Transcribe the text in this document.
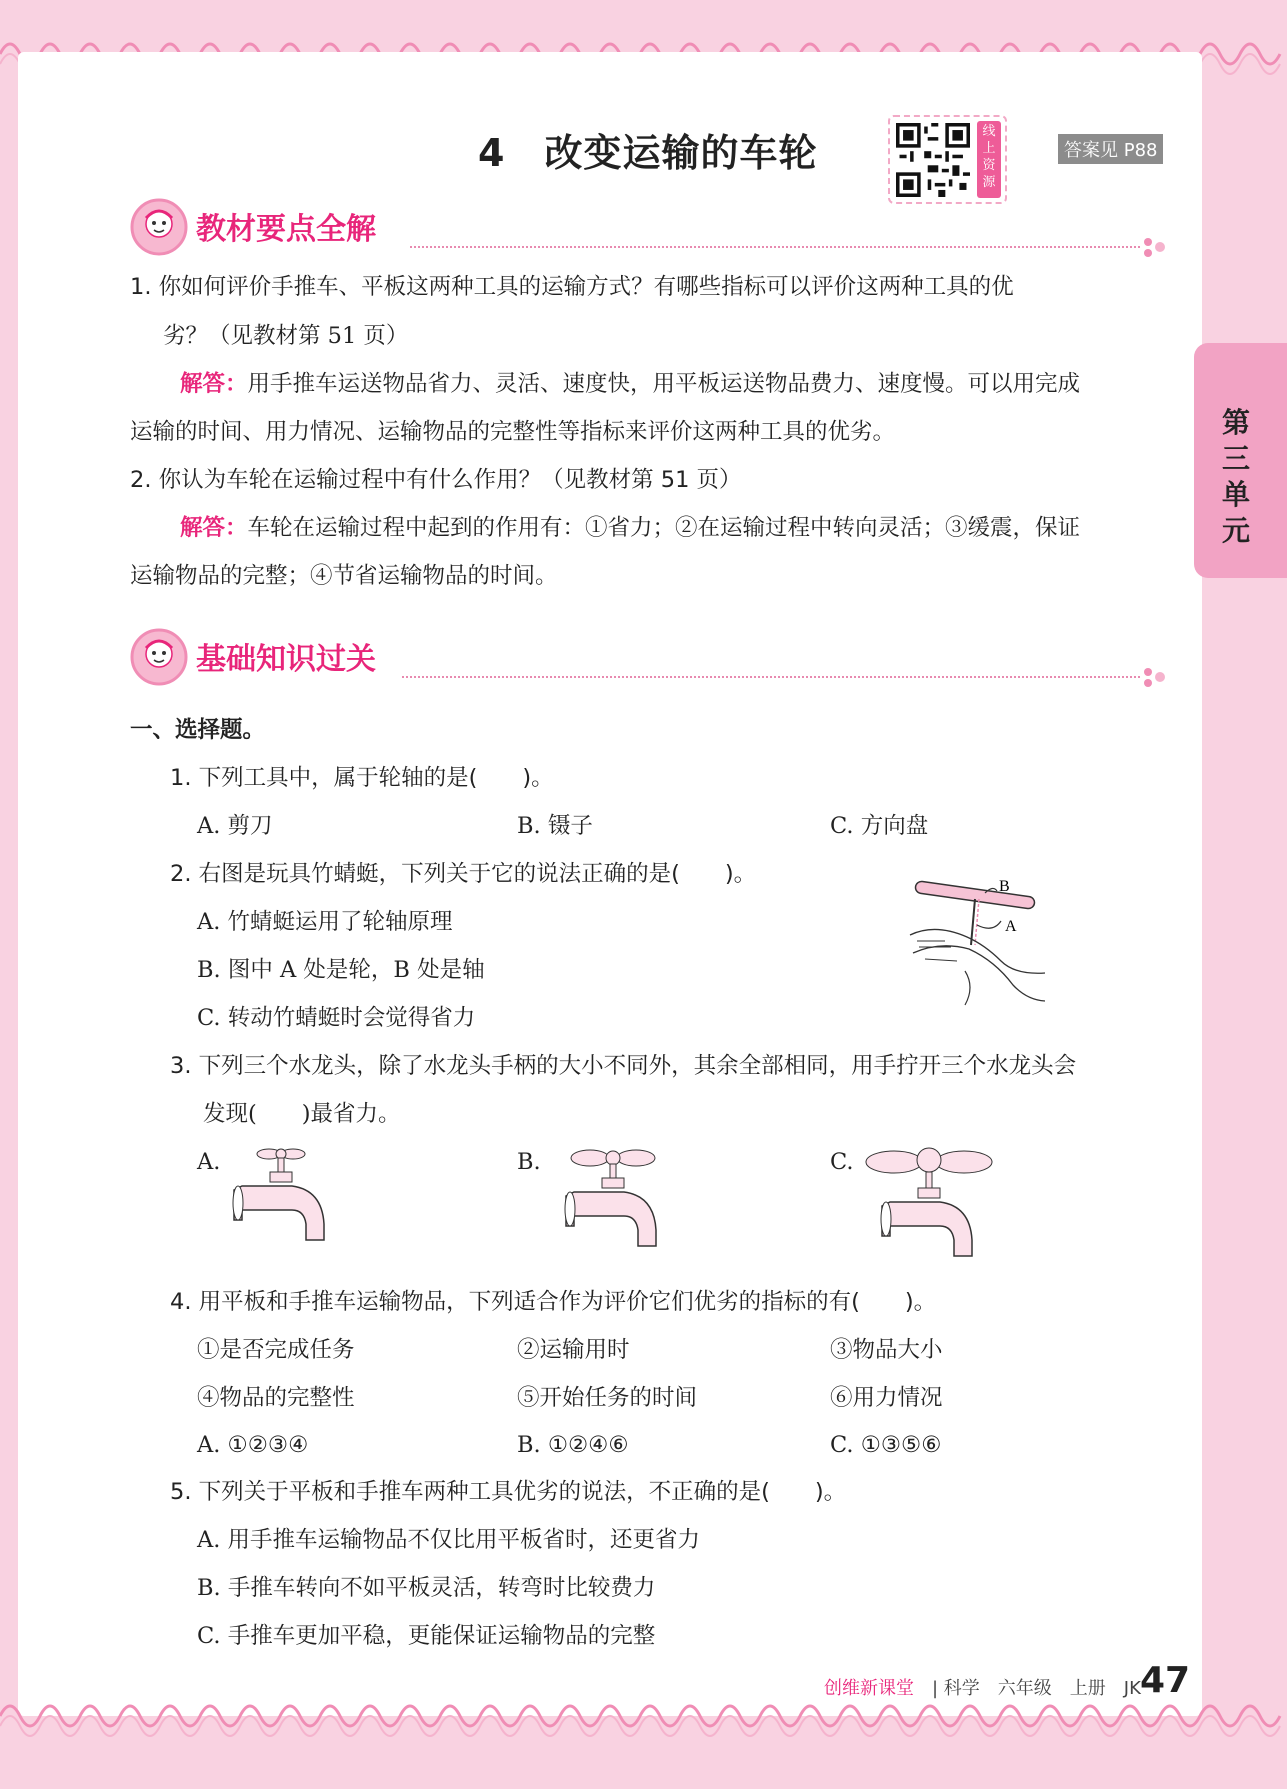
4　改变运输的车轮	线上资源
答案见 P88
第三单元
教材要点全解
1. 你如何评价手推车、平板这两种工具的运输方式？有哪些指标可以评价这两种工具的优
劣？（见教材第 51 页）
解答：用手推车运送物品省力、灵活、速度快，用平板运送物品费力、速度慢。可以用完成
运输的时间、用力情况、运输物品的完整性等指标来评价这两种工具的优劣。
2. 你认为车轮在运输过程中有什么作用？（见教材第 51 页）
解答：车轮在运输过程中起到的作用有：①省力；②在运输过程中转向灵活；③缓震，保证
运输物品的完整；④节省运输物品的时间。
基础知识过关
一、选择题。
1. 下列工具中，属于轮轴的是(　　)。
A. 剪刀	B. 镊子	C. 方向盘
2. 右图是玩具竹蜻蜓，下列关于它的说法正确的是(　　)。
A. 竹蜻蜓运用了轮轴原理
B. 图中 A 处是轮，B 处是轴
C. 转动竹蜻蜓时会觉得省力
B
A
3. 下列三个水龙头，除了水龙头手柄的大小不同外，其余全部相同，用手拧开三个水龙头会
发现(　　)最省力。
A.	B.	C.
4. 用平板和手推车运输物品，下列适合作为评价它们优劣的指标的有(　　)。
①是否完成任务	②运输用时	③物品大小
④物品的完整性	⑤开始任务的时间	⑥用力情况
A. ①②③④	B. ①②④⑥	C. ①③⑤⑥
5. 下列关于平板和手推车两种工具优劣的说法，不正确的是(　　)。
A. 用手推车运输物品不仅比用平板省时，还更省力
B. 手推车转向不如平板灵活，转弯时比较费力
C. 手推车更加平稳，更能保证运输物品的完整
创维新课堂 | 科学　六年级　上册　JK 47
